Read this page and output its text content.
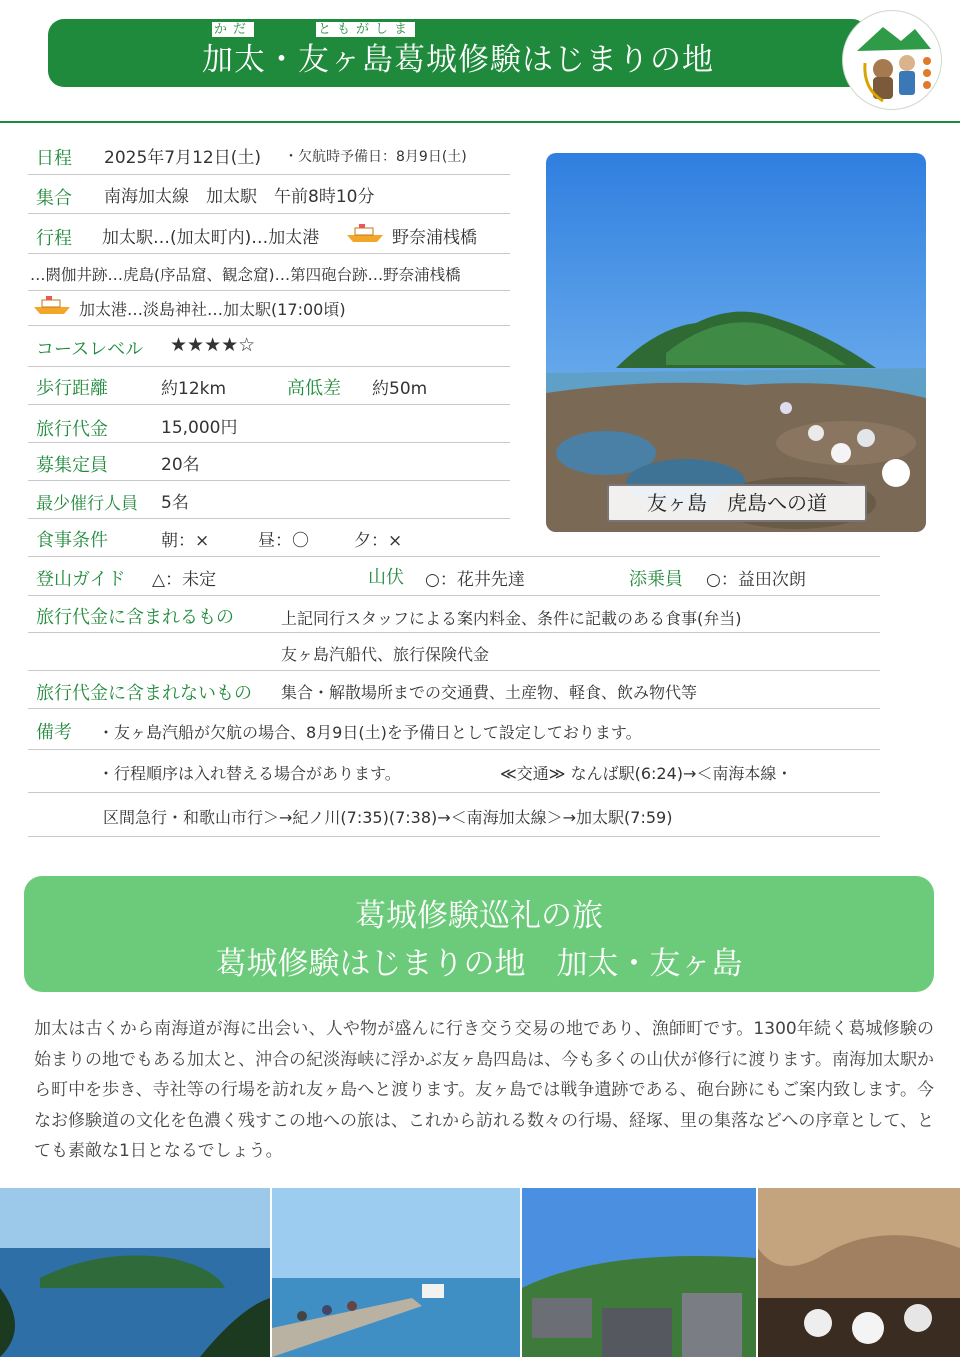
加太・友ヶ島葛城修験はじまりの地
かだ	ともがしま
日程 2025年7月12日(土) ・欠航時予備日：8月9日(土)
集合 南海加太線　加太駅　午前8時10分
行程 加太駅…(加太町内)…加太港	野奈浦桟橋
…閼伽井跡…虎島(序品窟、観念窟)…第四砲台跡…野奈浦桟橋
加太港…淡島神社…加太駅(17:00頃)
コースレベル ★★★★☆
歩行距離	約12km	高低差 約50m
旅行代金	15,000円
募集定員	20名
最少催行人員 5名
食事条件	朝：×	昼：〇	夕：×
登山ガイド △：未定	山伏 ○：花井先達	添乗員 ○：益田次朗
旅行代金に含まれるもの	上記同行スタッフによる案内料金、条件に記載のある食事(弁当)
友ヶ島汽船代、旅行保険代金
旅行代金に含まれないもの 集合・解散場所までの交通費、土産物、軽食、飲み物代等
備考 ・友ヶ島汽船が欠航の場合、8月9日(土)を予備日として設定しております。
・行程順序は入れ替える場合があります。	≪交通≫ なんば駅(6:24)→＜南海本線・
区間急行・和歌山市行＞→紀ノ川(7:35)(7:38)→＜南海加太線＞→加太駅(7:59)
友ヶ島　虎島への道
葛城修験巡礼の旅
葛城修験はじまりの地　加太・友ヶ島
加太は古くから南海道が海に出会い、人や物が盛んに行き交う交易の地であり、漁師町です。1300年続く葛城修験の始まりの地でもある加太と、沖合の紀淡海峡に浮かぶ友ヶ島四島は、今も多くの山伏が修行に渡ります。南海加太駅から町中を歩き、寺社等の行場を訪れ友ヶ島へと渡ります。友ヶ島では戦争遺跡である、砲台跡にもご案内致します。今なお修験道の文化を色濃く残すこの地への旅は、これから訪れる数々の行場、経塚、里の集落などへの序章として、とても素敵な1日となるでしょう。
